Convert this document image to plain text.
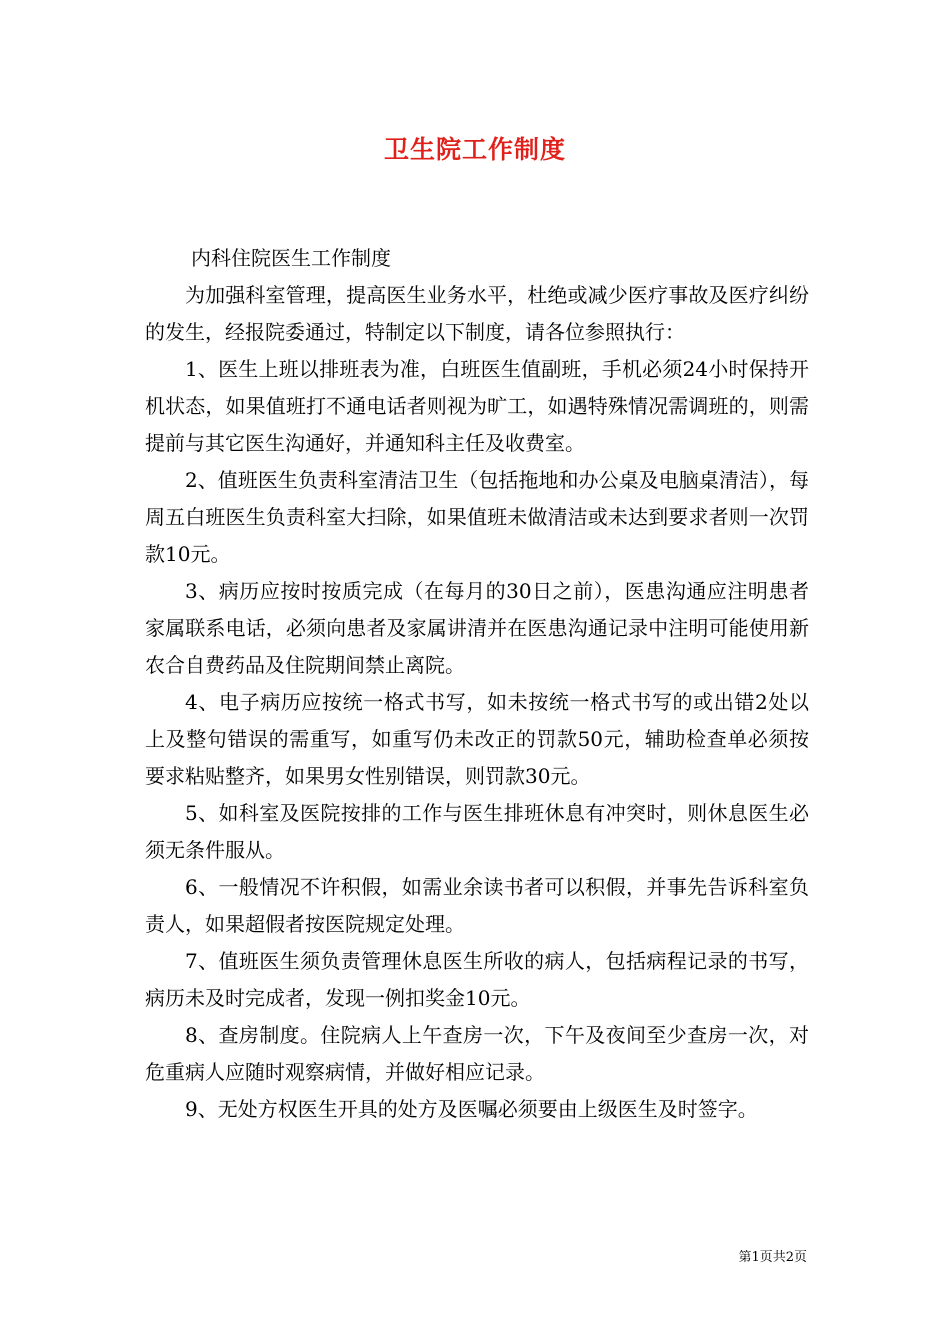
卫生院工作制度

内科住院医生工作制度

为加强科室管理，提高医生业务水平，杜绝或减少医疗事故及医疗纠纷的发生，经报院委通过，特制定以下制度，请各位参照执行：

1、医生上班以排班表为准，白班医生值副班，手机必须24小时保持开机状态，如果值班打不通电话者则视为旷工，如遇特殊情况需调班的，则需提前与其它医生沟通好，并通知科主任及收费室。

2、值班医生负责科室清洁卫生（包括拖地和办公桌及电脑桌清洁），每周五白班医生负责科室大扫除，如果值班未做清洁或未达到要求者则一次罚款10元。

3、病历应按时按质完成（在每月的30日之前），医患沟通应注明患者家属联系电话，必须向患者及家属讲清并在医患沟通记录中注明可能使用新农合自费药品及住院期间禁止离院。

4、电子病历应按统一格式书写，如未按统一格式书写的或出错2处以上及整句错误的需重写，如重写仍未改正的罚款50元，辅助检查单必须按要求粘贴整齐，如果男女性别错误，则罚款30元。

5、如科室及医院按排的工作与医生排班休息有冲突时，则休息医生必须无条件服从。

6、一般情况不许积假，如需业余读书者可以积假，并事先告诉科室负责人，如果超假者按医院规定处理。

7、值班医生须负责管理休息医生所收的病人，包括病程记录的书写，病历未及时完成者，发现一例扣奖金10元。

8、查房制度。住院病人上午查房一次，下午及夜间至少查房一次，对危重病人应随时观察病情，并做好相应记录。

9、无处方权医生开具的处方及医嘱必须要由上级医生及时签字。

第1页共2页
